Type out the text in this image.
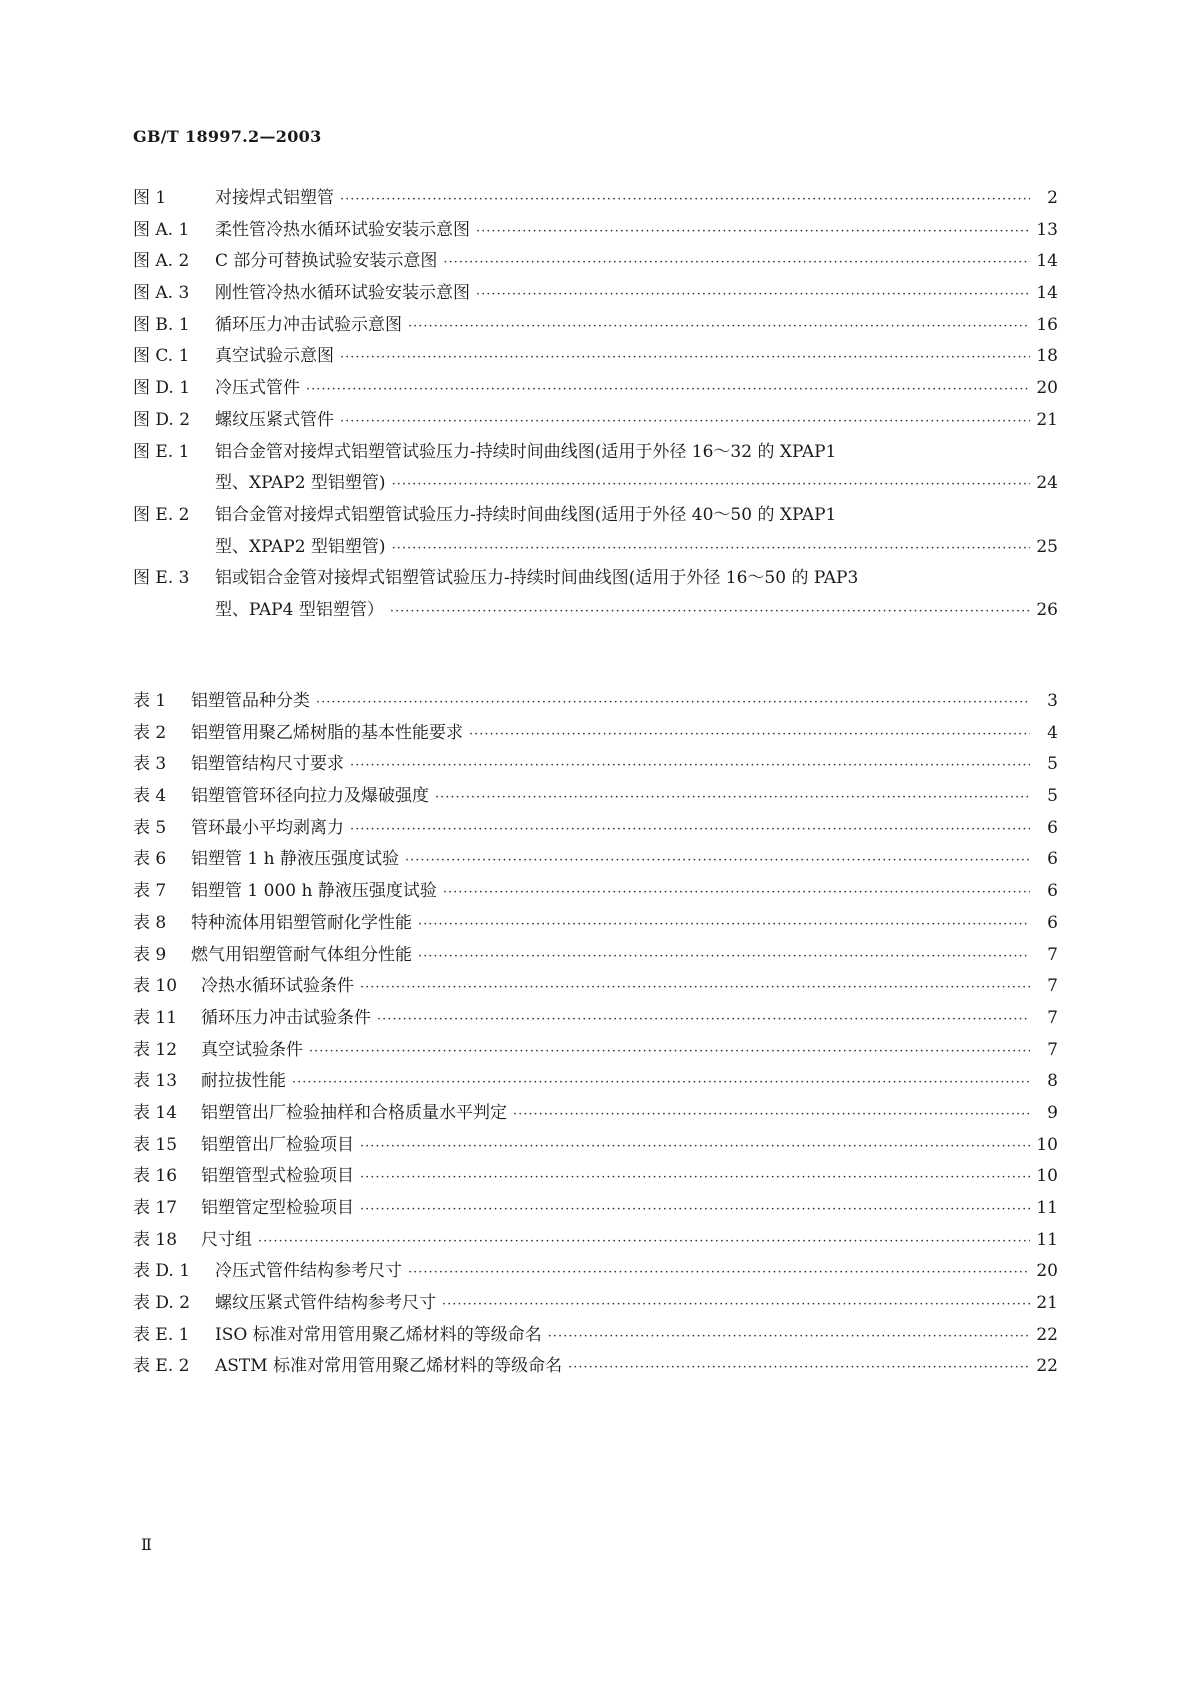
GB/T 18997.2—2003
图 1	对接焊式铝塑管 ·····	2
图 A. 1	柔性管冷热水循环试验安装示意图 ·····	13
图 A. 2	C 部分可替换试验安装示意图 ·····	14
图 A. 3	刚性管冷热水循环试验安装示意图 ·····	14
图 B. 1	循环压力冲击试验示意图 ·····	16
图 C. 1	真空试验示意图 ·····	18
图 D. 1	冷压式管件 ·····	20
图 D. 2	螺纹压紧式管件 ·····	21
图 E. 1	铝合金管对接焊式铝塑管试验压力-持续时间曲线图(适用于外径 16～32 的 XPAP1
型、XPAP2 型铝塑管) ·····	24
图 E. 2	铝合金管对接焊式铝塑管试验压力-持续时间曲线图(适用于外径 40～50 的 XPAP1
型、XPAP2 型铝塑管) ·····	25
图 E. 3	铝或铝合金管对接焊式铝塑管试验压力-持续时间曲线图(适用于外径 16～50 的 PAP3
型、PAP4 型铝塑管） ·····	26
表 1	铝塑管品种分类 ·····	3
表 2	铝塑管用聚乙烯树脂的基本性能要求 ·····	4
表 3	铝塑管结构尺寸要求 ·····	5
表 4	铝塑管管环径向拉力及爆破强度 ·····	5
表 5	管环最小平均剥离力 ·····	6
表 6	铝塑管 1 h 静液压强度试验 ·····	6
表 7	铝塑管 1 000 h 静液压强度试验 ·····	6
表 8	特种流体用铝塑管耐化学性能 ·····	6
表 9	燃气用铝塑管耐气体组分性能 ·····	7
表 10	冷热水循环试验条件 ·····	7
表 11	循环压力冲击试验条件 ·····	7
表 12	真空试验条件 ·····	7
表 13	耐拉拔性能 ·····	8
表 14	铝塑管出厂检验抽样和合格质量水平判定 ·····	9
表 15	铝塑管出厂检验项目 ·····	10
表 16	铝塑管型式检验项目 ·····	10
表 17	铝塑管定型检验项目 ·····	11
表 18	尺寸组 ·····	11
表 D. 1	冷压式管件结构参考尺寸 ·····	20
表 D. 2	螺纹压紧式管件结构参考尺寸 ·····	21
表 E. 1	ISO 标准对常用管用聚乙烯材料的等级命名 ·····	22
表 E. 2	ASTM 标准对常用管用聚乙烯材料的等级命名 ·····	22
Ⅱ
